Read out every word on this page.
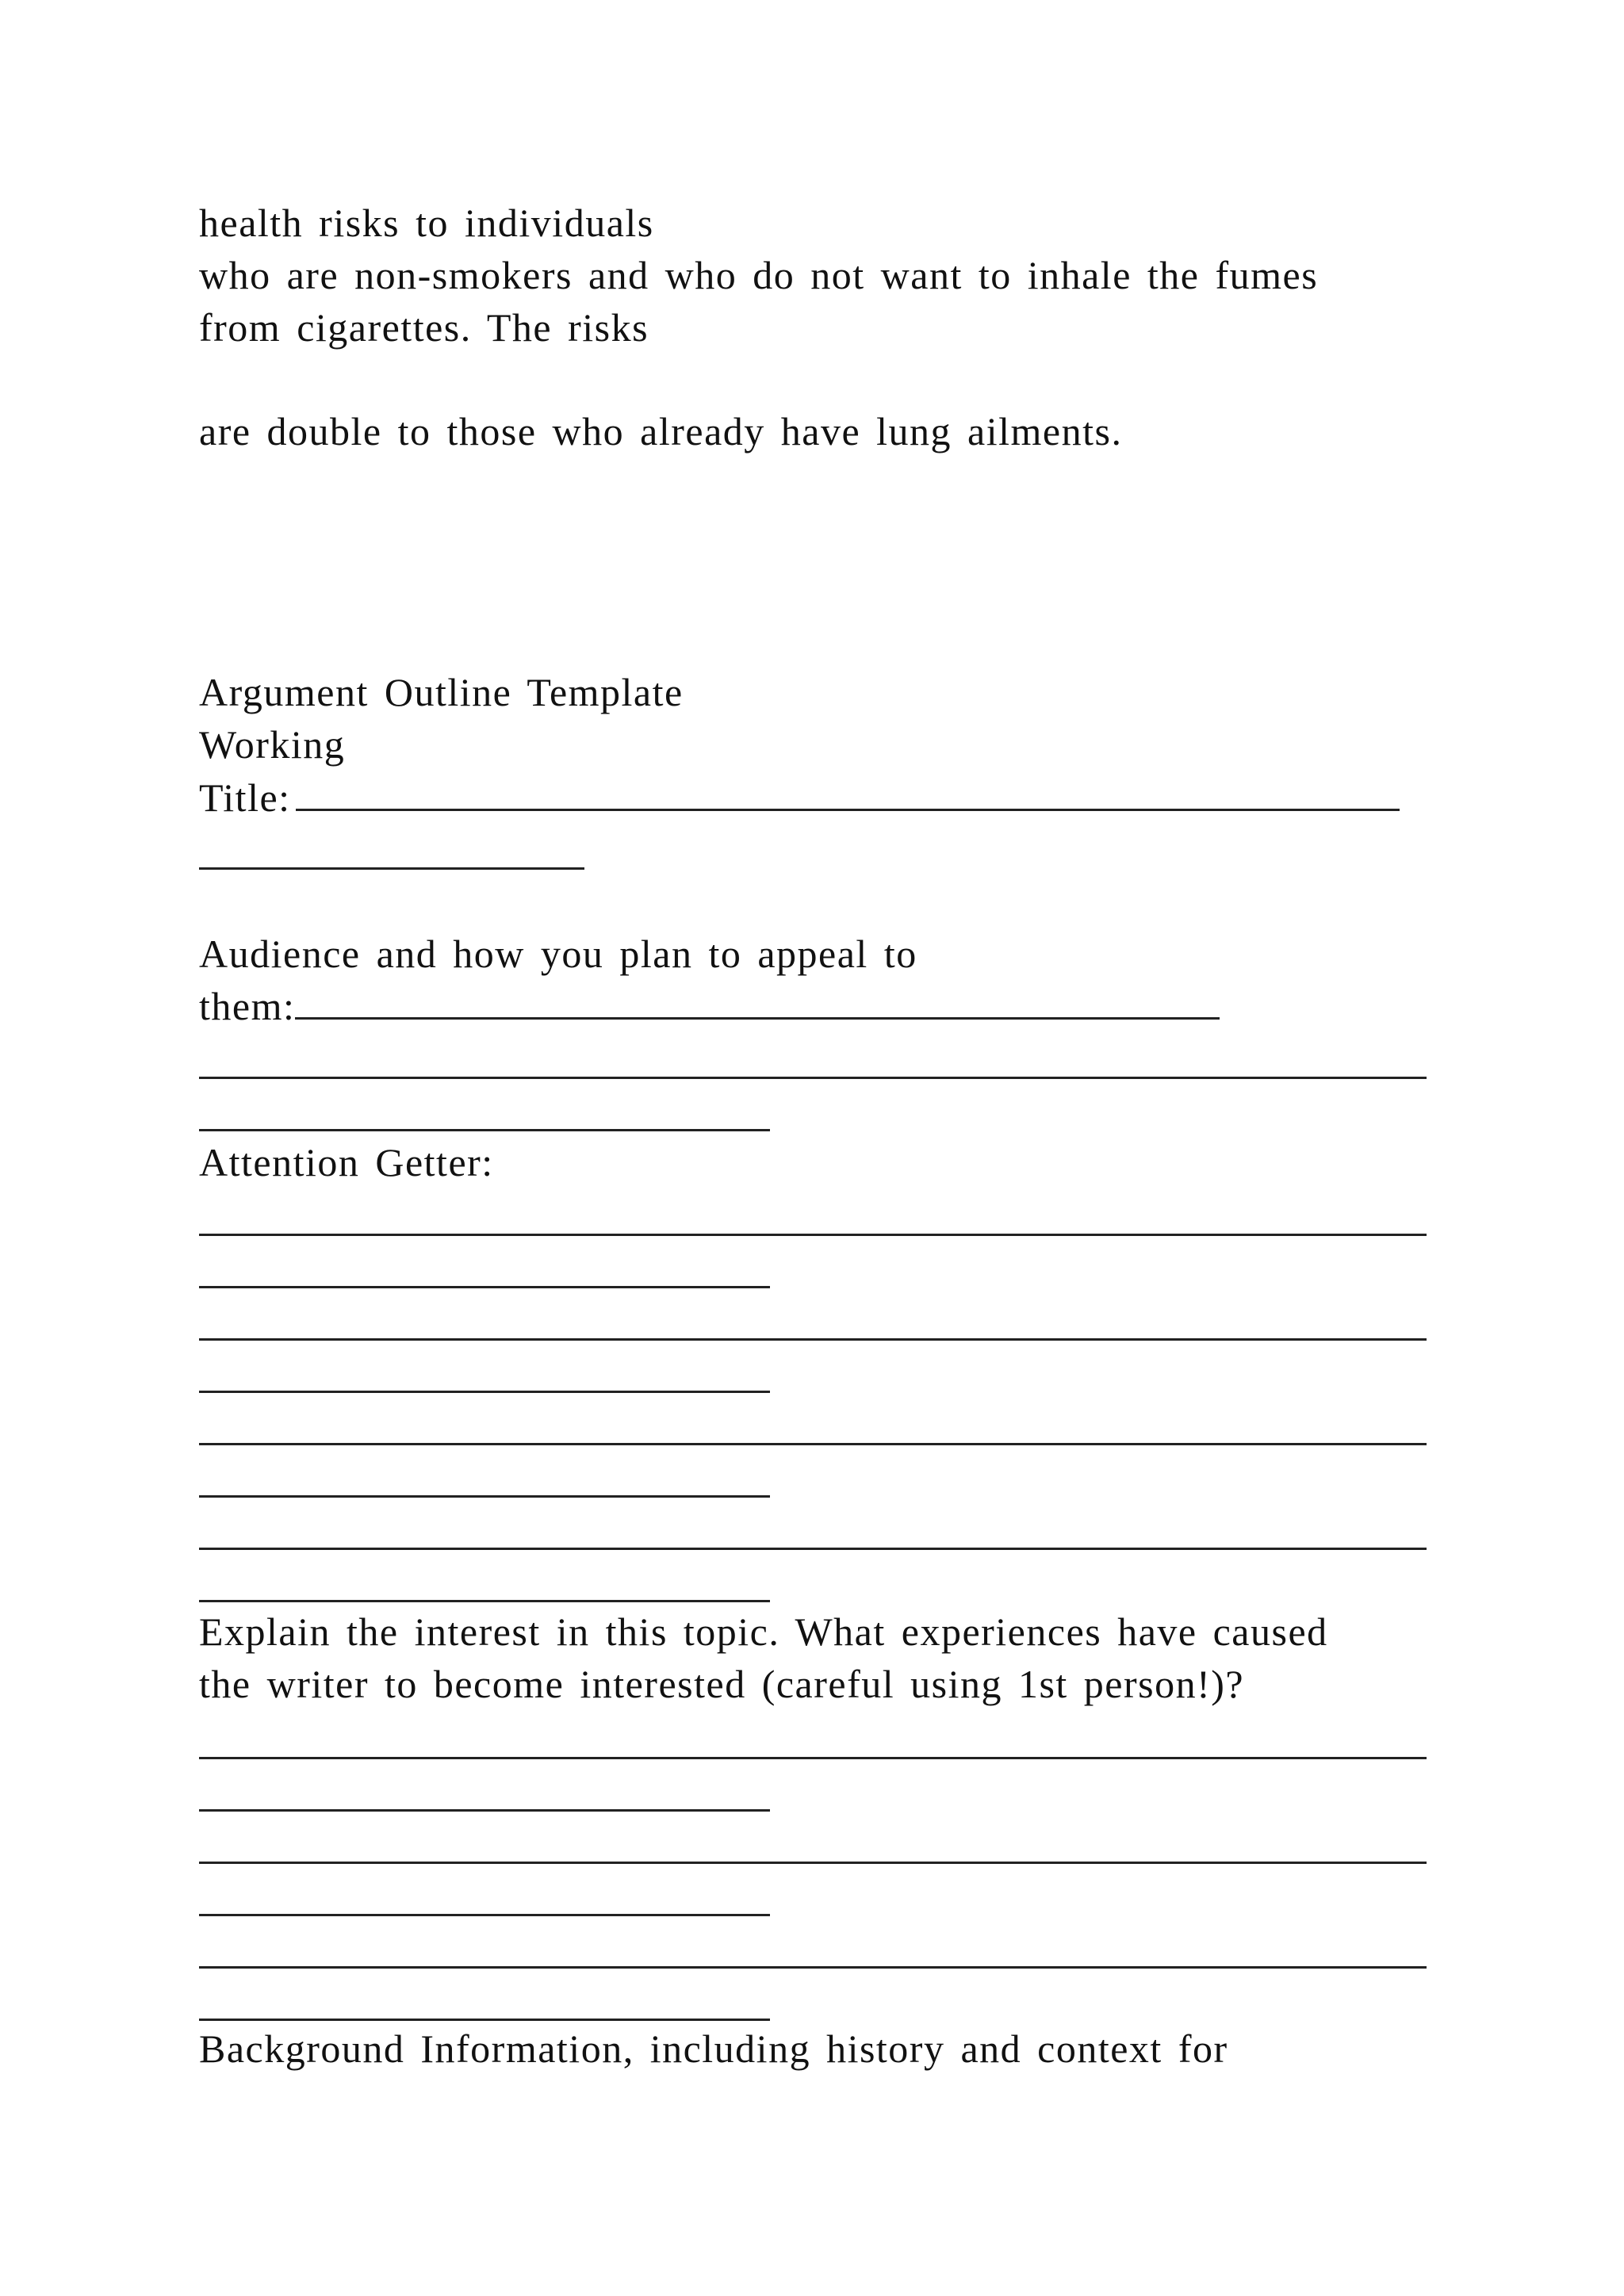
health risks to individuals

who are non-smokers and who do not want to inhale the fumes

from cigarettes. The risks

are double to those who already have lung ailments.

Argument Outline Template

Working

Title:

Audience and how you plan to appeal to

them:

Attention Getter:

Explain the interest in this topic. What experiences have caused

the writer to become interested (careful using 1st person!)?

Background Information, including history and context for
